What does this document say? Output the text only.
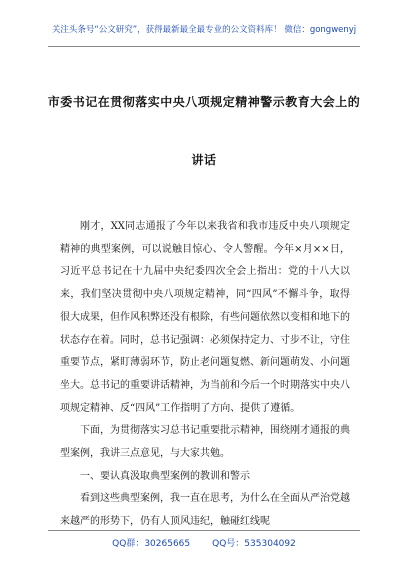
关注头条号“公文研究”，获得最新最全最专业的公文资料库！ 微信：gongwenyj
市委书记在贯彻落实中央八项规定精神警示教育大会上的
讲话

刚才，XX同志通报了今年以来我省和我市违反中央八项规定精神的典型案例，可以说触目惊心、令人警醒。今年×月××日，习近平总书记在十九届中央纪委四次全会上指出：党的十八大以来，我们坚决贯彻中央八项规定精神，同“四风”不懈斗争，取得很大成果，但作风积弊还没有根除，有些问题依然以变相和地下的状态存在着。同时，总书记强调：必须保持定力、寸步不让，守住重要节点，紧盯薄弱环节，防止老问题复燃、新问题萌发、小问题坐大。总书记的重要讲话精神，为当前和今后一个时期落实中央八项规定精神、反“四风”工作指明了方向、提供了遵循。

下面，为贯彻落实习总书记重要批示精神，围绕刚才通报的典型案例，我讲三点意见，与大家共勉。

一、要认真汲取典型案例的教训和警示

看到这些典型案例，我一直在思考，为什么在全面从严治党越来越严的形势下，仍有人顶风违纪，触碰红线呢

QQ群：30265665 QQ号：535304092
